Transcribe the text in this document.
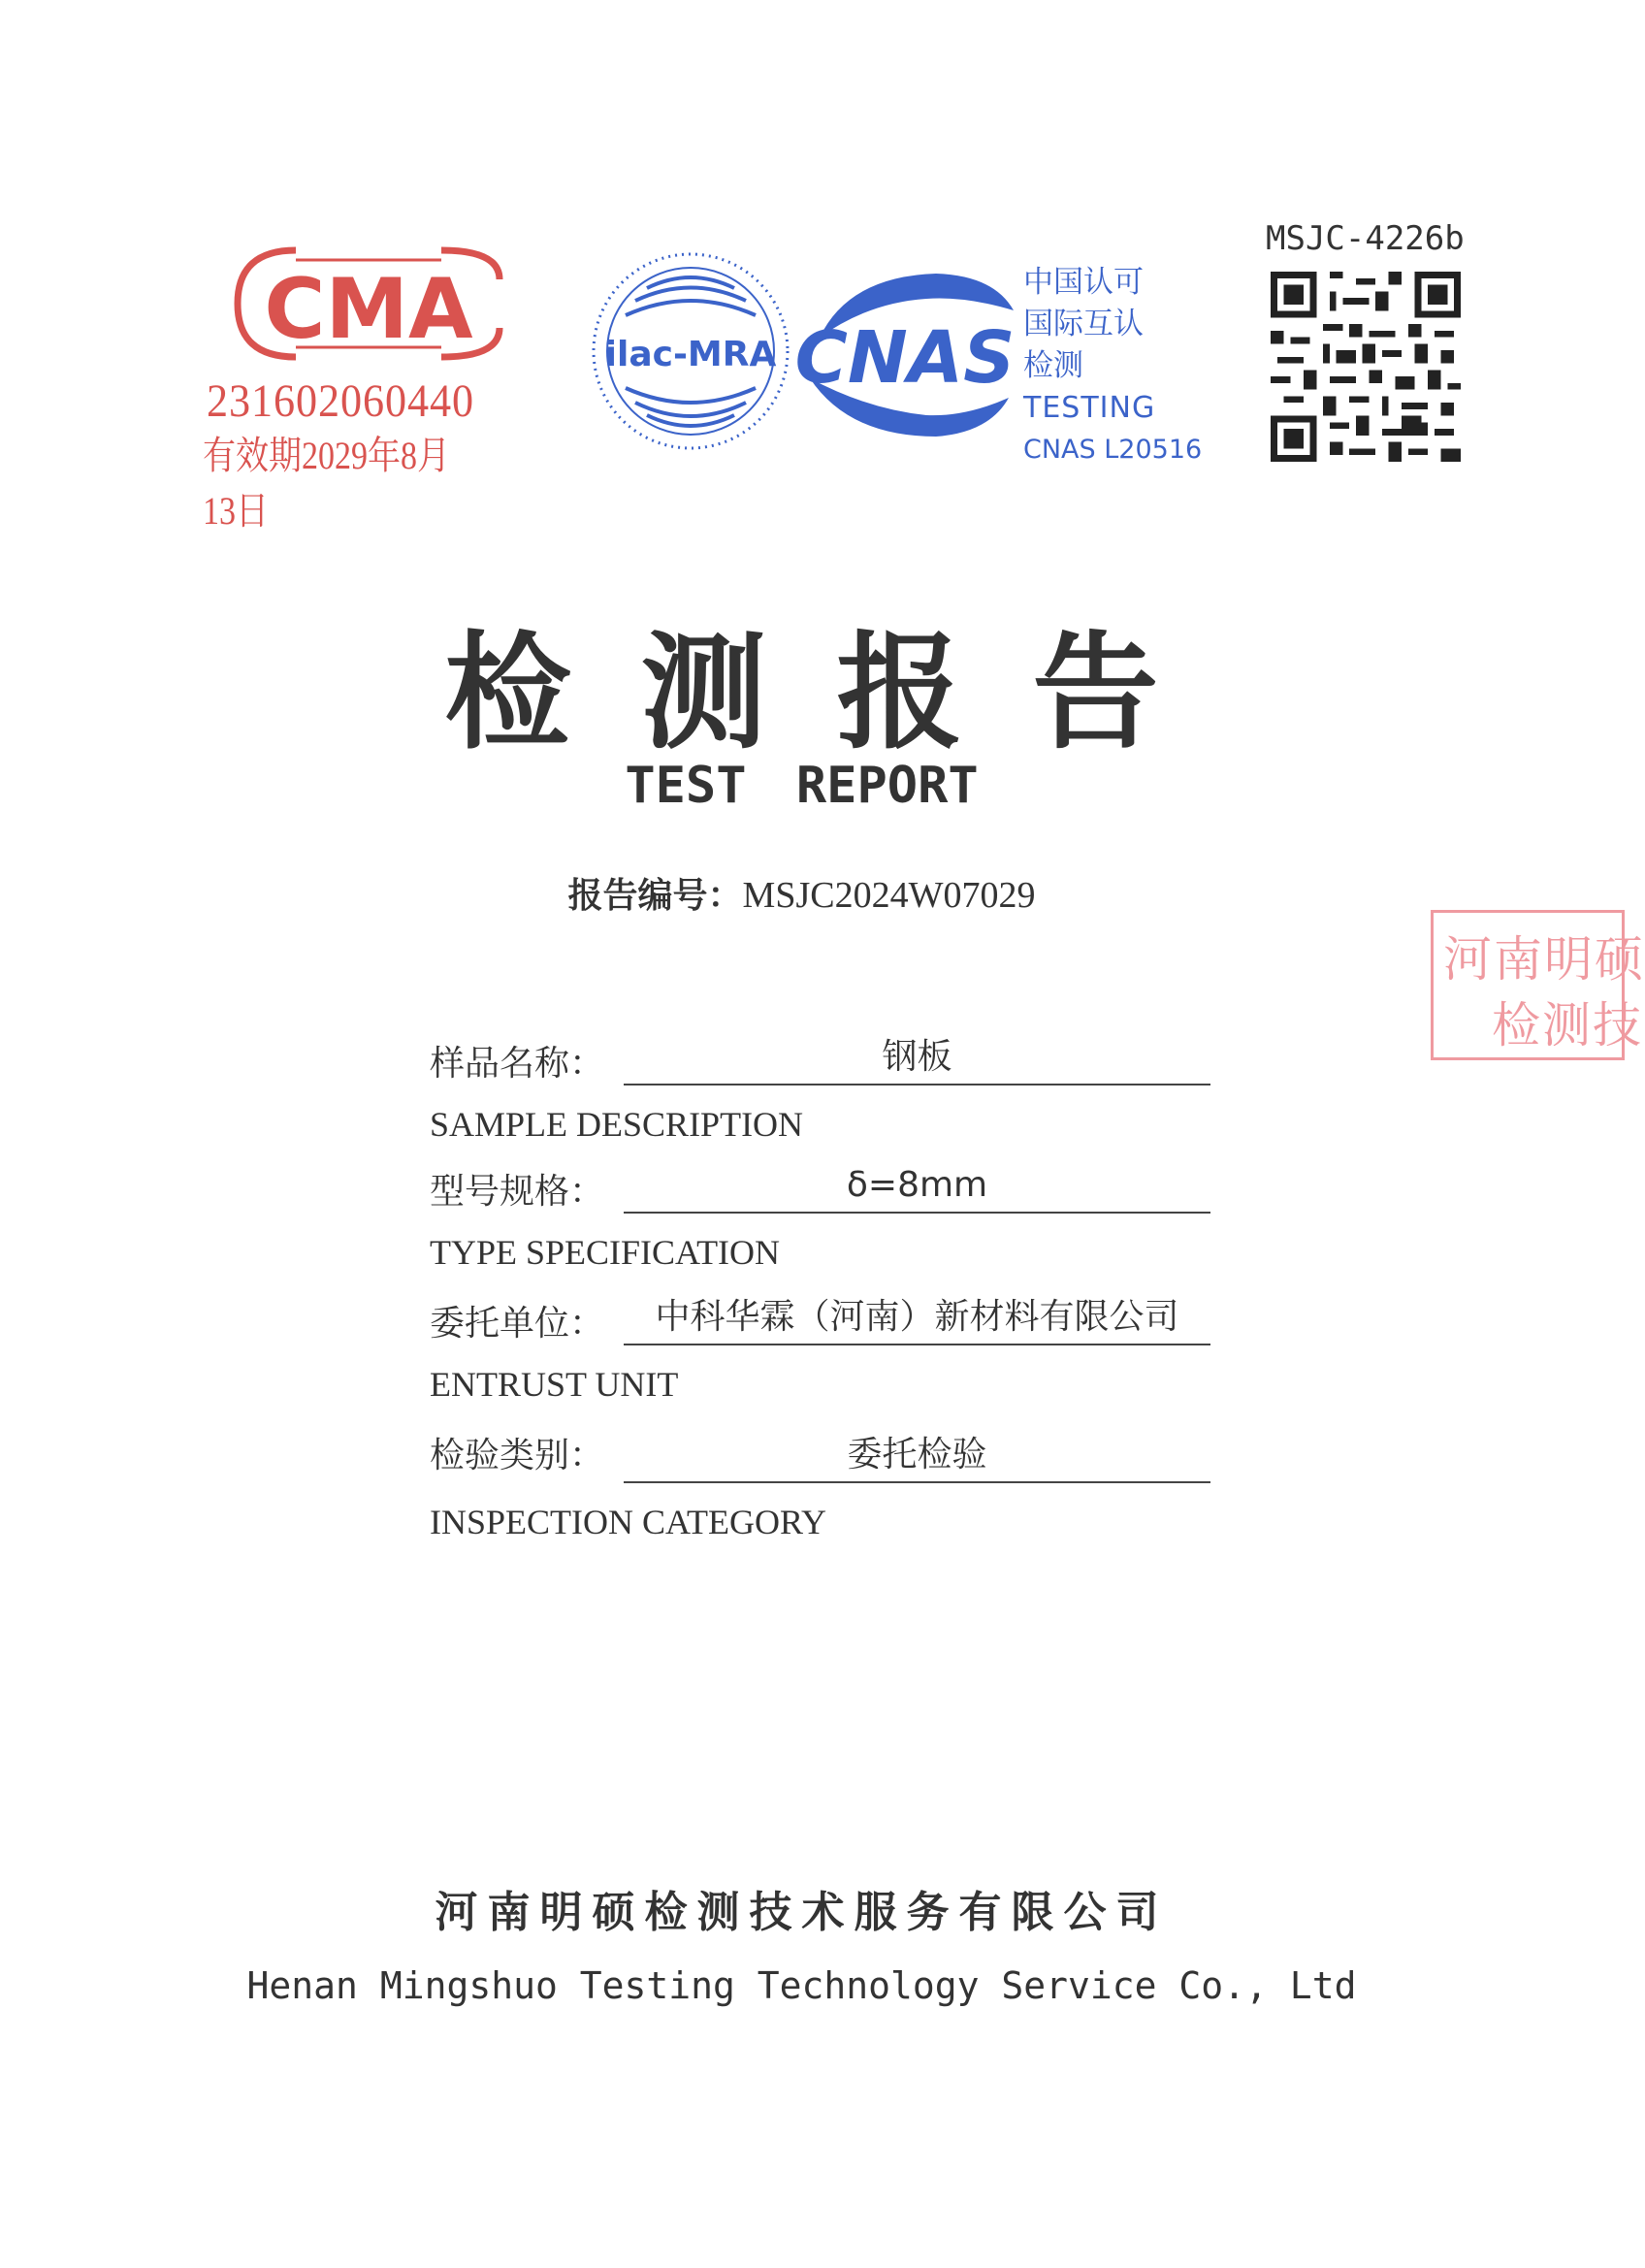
CMA
231602060440
有效期2029年8月13日
ilac-MRA CNAS
中国认可
国际互认
检测
TESTING
CNAS L20516
MSJC-4226b
河南明硕
检测技
检测报告
TEST REPORT
报告编号：MSJC2024W07029
样品名称：	钢板
SAMPLE DESCRIPTION
型号规格：	δ=8mm
TYPE SPECIFICATION
委托单位：	中科华霖（河南）新材料有限公司
ENTRUST UNIT
检验类别：	委托检验
INSPECTION CATEGORY
河南明硕检测技术服务有限公司
Henan Mingshuo Testing Technology Service Co., Ltd
